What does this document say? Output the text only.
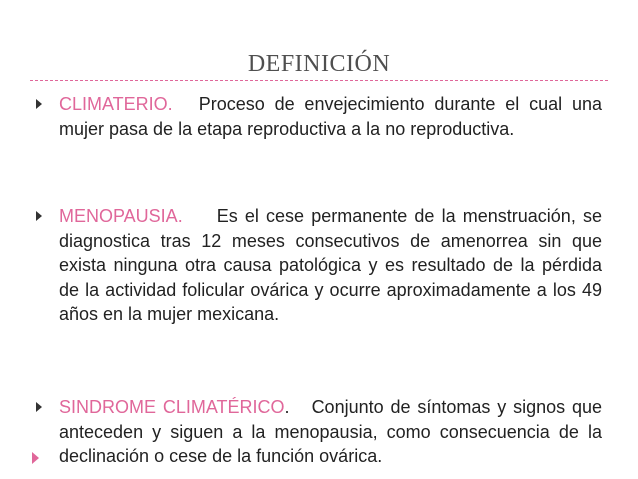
DEFINICIÓN
CLIMATERIO. Proceso de envejecimiento durante el cual una mujer pasa de la etapa reproductiva a la no reproductiva.
MENOPAUSIA. Es el cese permanente de la menstruación, se diagnostica tras 12 meses consecutivos de amenorrea sin que exista ninguna otra causa patológica y es resultado de la pérdida de la actividad folicular ovárica y ocurre aproximadamente a los 49 años en la mujer mexicana.
SINDROME CLIMATÉRICO. Conjunto de síntomas y signos que anteceden y siguen a la menopausia, como consecuencia de la declinación o cese de la función ovárica.
